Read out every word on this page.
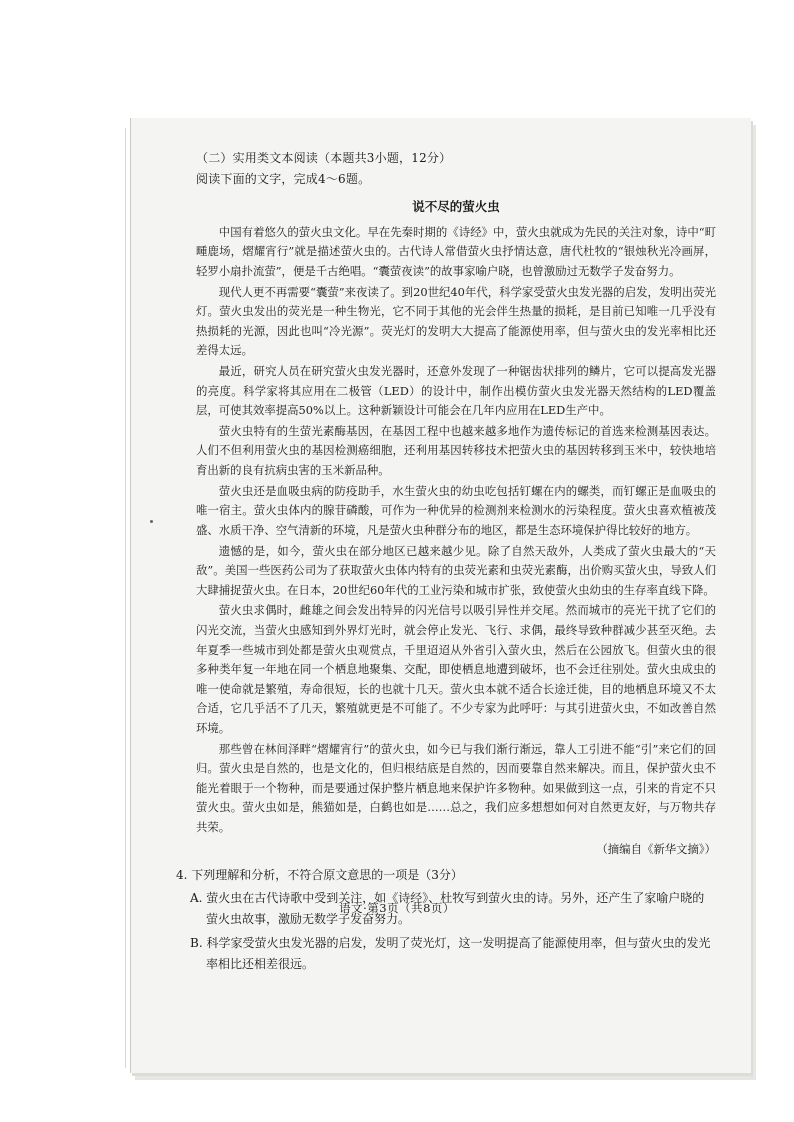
（二）实用类文本阅读（本题共3小题，12分）

阅读下面的文字，完成4～6题。

说不尽的萤火虫

中国有着悠久的萤火虫文化。早在先秦时期的《诗经》中，萤火虫就成为先民的关注对象，诗中“町畽鹿场，熠耀宵行”就是描述萤火虫的。古代诗人常借萤火虫抒情达意，唐代杜牧的“银烛秋光冷画屏，轻罗小扇扑流萤”，便是千古绝唱。“囊萤夜读”的故事家喻户晓，也曾激励过无数学子发奋努力。

现代人更不再需要“囊萤”来夜读了。到20世纪40年代，科学家受萤火虫发光器的启发，发明出荧光灯。萤火虫发出的荧光是一种生物光，它不同于其他的光会伴生热量的损耗，是目前已知唯一几乎没有热损耗的光源，因此也叫“冷光源”。荧光灯的发明大大提高了能源使用率，但与萤火虫的发光率相比还差得太远。

最近，研究人员在研究萤火虫发光器时，还意外发现了一种锯齿状排列的鳞片，它可以提高发光器的亮度。科学家将其应用在二极管（LED）的设计中，制作出模仿萤火虫发光器天然结构的LED覆盖层，可使其效率提高50%以上。这种新颖设计可能会在几年内应用在LED生产中。

萤火虫特有的生萤光素酶基因，在基因工程中也越来越多地作为遗传标记的首选来检测基因表达。人们不但利用萤火虫的基因检测癌细胞，还利用基因转移技术把萤火虫的基因转移到玉米中，较快地培育出新的良有抗病虫害的玉米新品种。

萤火虫还是血吸虫病的防疫助手，水生萤火虫的幼虫吃包括钉螺在内的螺类，而钉螺正是血吸虫的唯一宿主。萤火虫体内的腺苷磷酸，可作为一种优异的检测剂来检测水的污染程度。萤火虫喜欢植被茂盛、水质干净、空气清新的环境，凡是萤火虫种群分布的地区，都是生态环境保护得比较好的地方。

遗憾的是，如今，萤火虫在部分地区已越来越少见。除了自然天敌外，人类成了萤火虫最大的“天敌”。美国一些医药公司为了获取萤火虫体内特有的虫荧光素和虫荧光素酶，出价购买萤火虫，导致人们大肆捕捉萤火虫。在日本，20世纪60年代的工业污染和城市扩张，致使萤火虫幼虫的生存率直线下降。

萤火虫求偶时，雌雄之间会发出特异的闪光信号以吸引异性并交尾。然而城市的亮光干扰了它们的闪光交流，当萤火虫感知到外界灯光时，就会停止发光、飞行、求偶，最终导致种群减少甚至灭绝。去年夏季一些城市到处都是萤火虫观赏点，千里迢迢从外省引入萤火虫，然后在公园放飞。但萤火虫的很多种类年复一年地在同一个栖息地聚集、交配，即使栖息地遭到破坏，也不会迁往别处。萤火虫成虫的唯一使命就是繁殖，寿命很短，长的也就十几天。萤火虫本就不适合长途迁徙，目的地栖息环境又不太合适，它几乎活不了几天，繁殖就更是不可能了。不少专家为此呼吁：与其引进萤火虫，不如改善自然环境。

那些曾在林间泽畔“熠耀宵行”的萤火虫，如今已与我们渐行渐远，靠人工引进不能“引”来它们的回归。萤火虫是自然的，也是文化的，但归根结底是自然的，因而要靠自然来解决。而且，保护萤火虫不能光着眼于一个物种，而是要通过保护整片栖息地来保护许多物种。如果做到这一点，引来的肯定不只萤火虫。萤火虫如是，熊猫如是，白鹤也如是……总之，我们应多想想如何对自然更友好，与万物共存共荣。

（摘编自《新华文摘》）

4. 下列理解和分析，不符合原文意思的一项是（3分）

A. 萤火虫在古代诗歌中受到关注，如《诗经》、杜牧写到萤火虫的诗。另外，还产生了家喻户晓的萤火虫故事，激励无数学子发奋努力。

B. 科学家受萤火虫发光器的启发，发明了荧光灯，这一发明提高了能源使用率，但与萤火虫的发光率相比还相差很远。

语文·第3页（共8页）
